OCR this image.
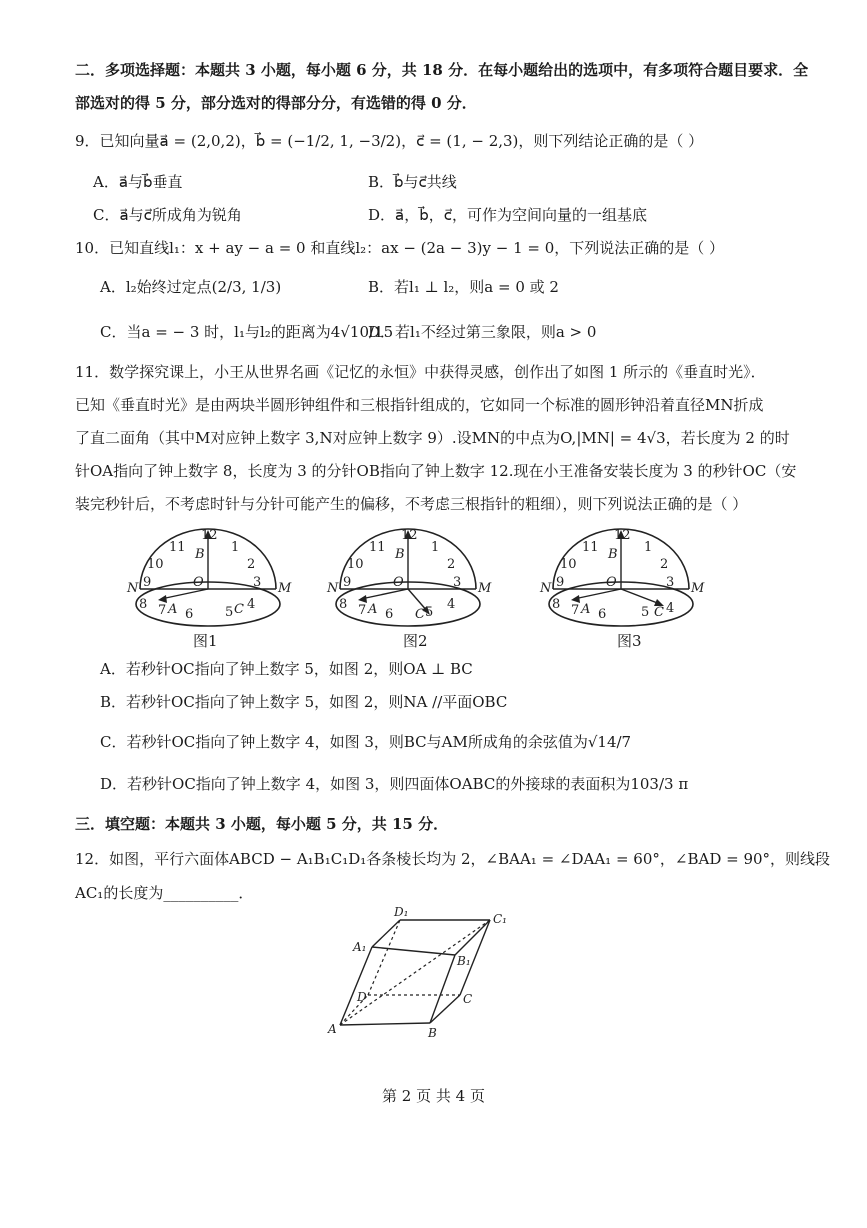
二．多项选择题：本题共 3 小题，每小题 6 分，共 18 分．在每小题给出的选项中，有多项符合题目要求．全
部选对的得 5 分，部分选对的得部分分，有选错的得 0 分．
9．已知向量a⃗ = (2,0,2)，b⃗ = (−1/2, 1, −3/2)，c⃗ = (1, − 2,3)，则下列结论正确的是（ ）
A．a⃗与b⃗垂直	B．b⃗与c⃗共线
C．a⃗与c⃗所成角为锐角	D．a⃗，b⃗，c⃗，可作为空间向量的一组基底
10．已知直线l₁：x + ay − a = 0 和直线l₂：ax − (2a − 3)y − 1 = 0，下列说法正确的是（ ）
A．l₂始终过定点(2/3, 1/3)	B．若l₁ ⊥ l₂，则a = 0 或 2
C．当a = − 3 时，l₁与l₂的距离为4√10/15
D．若l₁不经过第三象限，则a > 0
11．数学探究课上，小王从世界名画《记忆的永恒》中获得灵感，创作出了如图 1 所示的《垂直时光》．
已知《垂直时光》是由两块半圆形钟组件和三根指针组成的，它如同一个标准的圆形钟沿着直径MN折成
了直二面角（其中M对应钟上数字 3,N对应钟上数字 9）.设MN的中点为O,|MN| = 4√3，若长度为 2 的时
针OA指向了钟上数字 8，长度为 3 的分针OB指向了钟上数字 12.现在小王准备安装长度为 3 的秒针OC（安
装完秒针后，不考虑时针与分针可能产生的偏移，不考虑三根指针的粗细），则下列说法正确的是（ ）
12
1
2
3
4
5
6
7
8
9
10
11
N	M
O
A
B
C
图1
12
1
2
3
4
5
6
7
8
9
10
11
N	M
O
A
B
C
图2
12
1
2
3
4
5
6
7
8
9
10
11
N	M
O
A
B
C
图3
A．若秒针OC指向了钟上数字 5，如图 2，则OA ⊥ BC
B．若秒针OC指向了钟上数字 5，如图 2，则NA //平面OBC
C．若秒针OC指向了钟上数字 4，如图 3，则BC与AM所成角的余弦值为√14/7
D．若秒针OC指向了钟上数字 4，如图 3，则四面体OABC的外接球的表面积为103/3 π
三．填空题：本题共 3 小题，每小题 5 分，共 15 分．
12．如图，平行六面体ABCD − A₁B₁C₁D₁各条棱长均为 2，∠BAA₁ = ∠DAA₁ = 60°，∠BAD = 90°，则线段
AC₁的长度为__________．
D₁	C₁
A₁
B₁
D	C
A	B
第 2 页 共 4 页
